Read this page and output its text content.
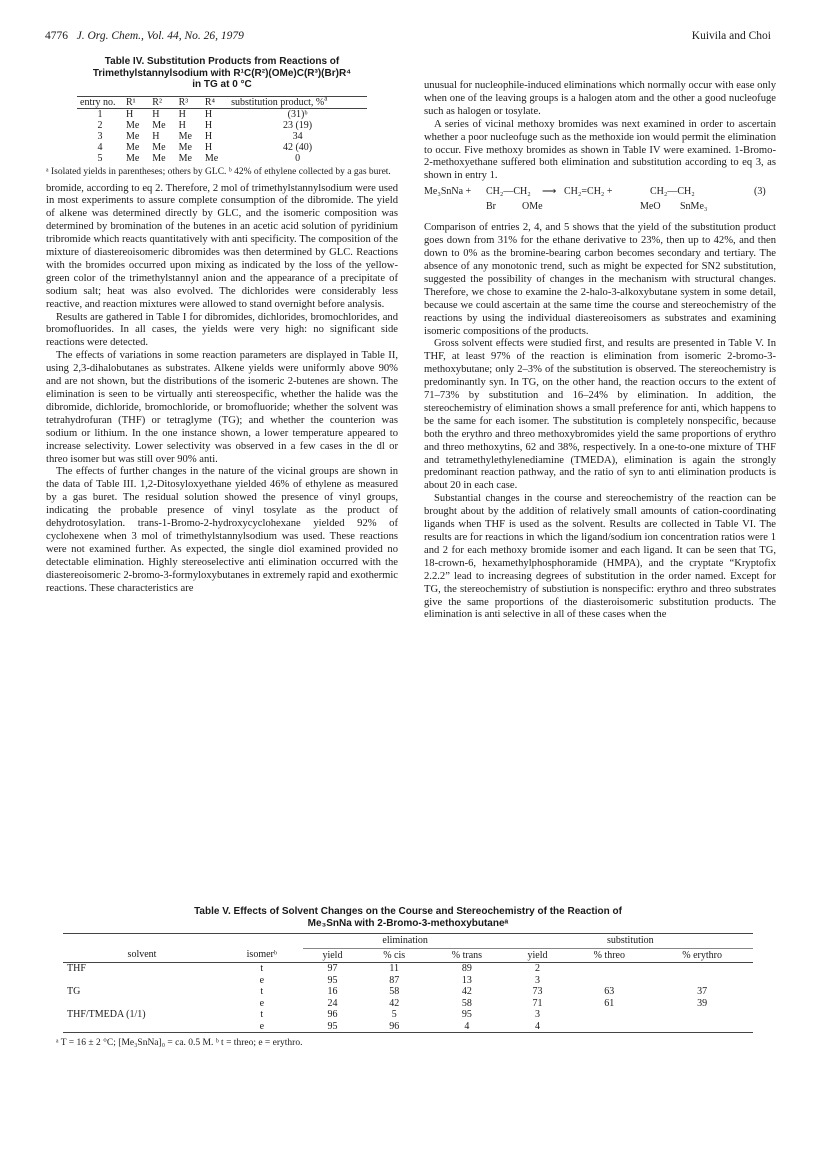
4776 J. Org. Chem., Vol. 44, No. 26, 1979	Kuivila and Choi
Table IV. Substitution Products from Reactions of
Trimethylstannylsodium with R¹C(R²)(OMe)C(R³)(Br)R⁴
in TG at 0 °C
entry no.	R¹	R²	R³	R⁴	substitution product, %$^a$
1	H	H	H	H	(31)ᵇ
2	Me	Me	H	H	23 (19)
3	Me	H	Me	H	34
4	Me	Me	Me	H	42 (40)
5	Me	Me	Me	Me	0
ᵃ Isolated yields in parentheses; others by GLC. ᵇ 42% of ethylene collected by a gas buret.

bromide, according to eq 2. Therefore, 2 mol of trimethylstannylsodium were used in most experiments to assure complete consumption of the dibromide. The yield of alkene was determined directly by GLC, and the isomeric composition was determined by bromination of the butenes in an acetic acid solution of pyridinium tribromide which reacts quantitatively with anti specificity. The composition of the mixture of diastereoisomeric dibromides was then determined by GLC. Reactions with the bromides occurred upon mixing as indicated by the loss of the yellow-green color of the trimethylstannyl anion and the appearance of a precipitate of sodium salt; heat was also evolved. The dichlorides were considerably less reactive, and reaction mixtures were allowed to stand overnight before analysis.

Results are gathered in Table I for dibromides, dichlorides, bromochlorides, and bromofluorides. In all cases, the yields were very high: no significant side reactions were detected.

The effects of variations in some reaction parameters are displayed in Table II, using 2,3-dihalobutanes as substrates. Alkene yields were uniformly above 90% and are not shown, but the distributions of the isomeric 2-butenes are shown. The elimination is seen to be virtually anti stereospecific, whether the halide was the dibromide, dichloride, bromochloride, or bromofluoride; whether the solvent was tetrahydrofuran (THF) or tetraglyme (TG); and whether the counterion was sodium or lithium. In the one instance shown, a lower temperature appeared to increase selectivity. Lower selectivity was observed in a few cases in the dl or threo isomer but was still over 90% anti.

The effects of further changes in the nature of the vicinal groups are shown in the data of Table III. 1,2-Ditosyloxyethane yielded 46% of ethylene as measured by a gas buret. The residual solution showed the presence of vinyl groups, indicating the probable presence of vinyl tosylate as the product of dehydrotosylation. trans-1-Bromo-2-hydroxycyclohexane yielded 92% of cyclohexene when 3 mol of trimethylstannylsodium was used. These reactions were not examined further. As expected, the single diol examined provided no detectable elimination. Highly stereoselective anti elimination occurred with the diastereoisomeric 2-bromo-3-formyloxybutanes in extremely rapid and exothermic reactions. These characteristics are

unusual for nucleophile-induced eliminations which normally occur with ease only when one of the leaving groups is a halogen atom and the other a good nucleofuge such as halogen or tosylate.

A series of vicinal methoxy bromides was next examined in order to ascertain whether a poor nucleofuge such as the methoxide ion would permit the elimination to occur. Five methoxy bromides as shown in Table IV were examined. 1-Bromo-2-methoxyethane suffered both elimination and substitution according to eq 3, as shown in entry 1.

Me₃SnNa + CH₂—CH₂
Br	OMe
⟶ CH₂=CH₂ +	CH₂—CH₂
MeO SnMe₃
(3)

Comparison of entries 2, 4, and 5 shows that the yield of the substitution product goes down from 31% for the ethane derivative to 23%, then up to 42%, and then down to 0% as the bromine-bearing carbon becomes secondary and tertiary. The absence of any monotonic trend, such as might be expected for SN2 substitution, suggested the possibility of changes in the mechanism with structural changes. Therefore, we chose to examine the 2-halo-3-alkoxybutane system in some detail, because we could ascertain at the same time the course and stereochemistry of the reactions by using the individual diastereoisomers as substrates and examining isomeric compositions of the products.

Gross solvent effects were studied first, and results are presented in Table V. In THF, at least 97% of the reaction is elimination from isomeric 2-bromo-3-methoxybutane; only 2–3% of the substitution is observed. The stereochemistry is predominantly syn. In TG, on the other hand, the reaction occurs to the extent of 71–73% by substitution and 16–24% by elimination. In addition, the stereochemistry of elimination shows a small preference for anti, which happens to be the same for each isomer. The substitution is completely nonspecific, because both the erythro and threo methoxybromides yield the same proportions of erythro and threo methoxytins, 62 and 38%, respectively. In a one-to-one mixture of THF and tetramethylethylenediamine (TMEDA), elimination is again the strongly predominant reaction pathway, and the ratio of syn to anti elimination products is about 20 in each case.

Substantial changes in the course and stereochemistry of the reaction can be brought about by the addition of relatively small amounts of cation-coordinating ligands when THF is used as the solvent. Results are collected in Table VI. The results are for reactions in which the ligand/sodium ion concentration ratios were 1 and 2 for each methoxy bromide isomer and each ligand. It can be seen that TG, 18-crown-6, hexamethylphosphoramide (HMPA), and the cryptate “Kryptofix 2.2.2” lead to increasing degrees of substitution in the order named. Except for TG, the stereochemistry of substiution is nonspecific: erythro and threo substrates give the same proportions of the diasteroisomeric substitution products. The elimination is anti selective in all of these cases when the

Table V. Effects of Solvent Changes on the Course and Stereochemistry of the Reaction of
Me₃SnNa with 2-Bromo-3-methoxybutaneᵃ
		elimination			substitution		
solvent	isomerᵇ	yield	% cis	% trans	yield	% threo	% erythro
THF	t	97	11	89	2		
	e	95	87	13	3		
TG	t	16	58	42	73	63	37
	e	24	42	58	71	61	39
THF/TMEDA (1/1)	t	96	5	95	3		
	e	95	96	4	4		
ᵃ T = 16 ± 2 °C; [Me₃SnNa]₀ = ca. 0.5 M. ᵇ t = threo; e = erythro.
